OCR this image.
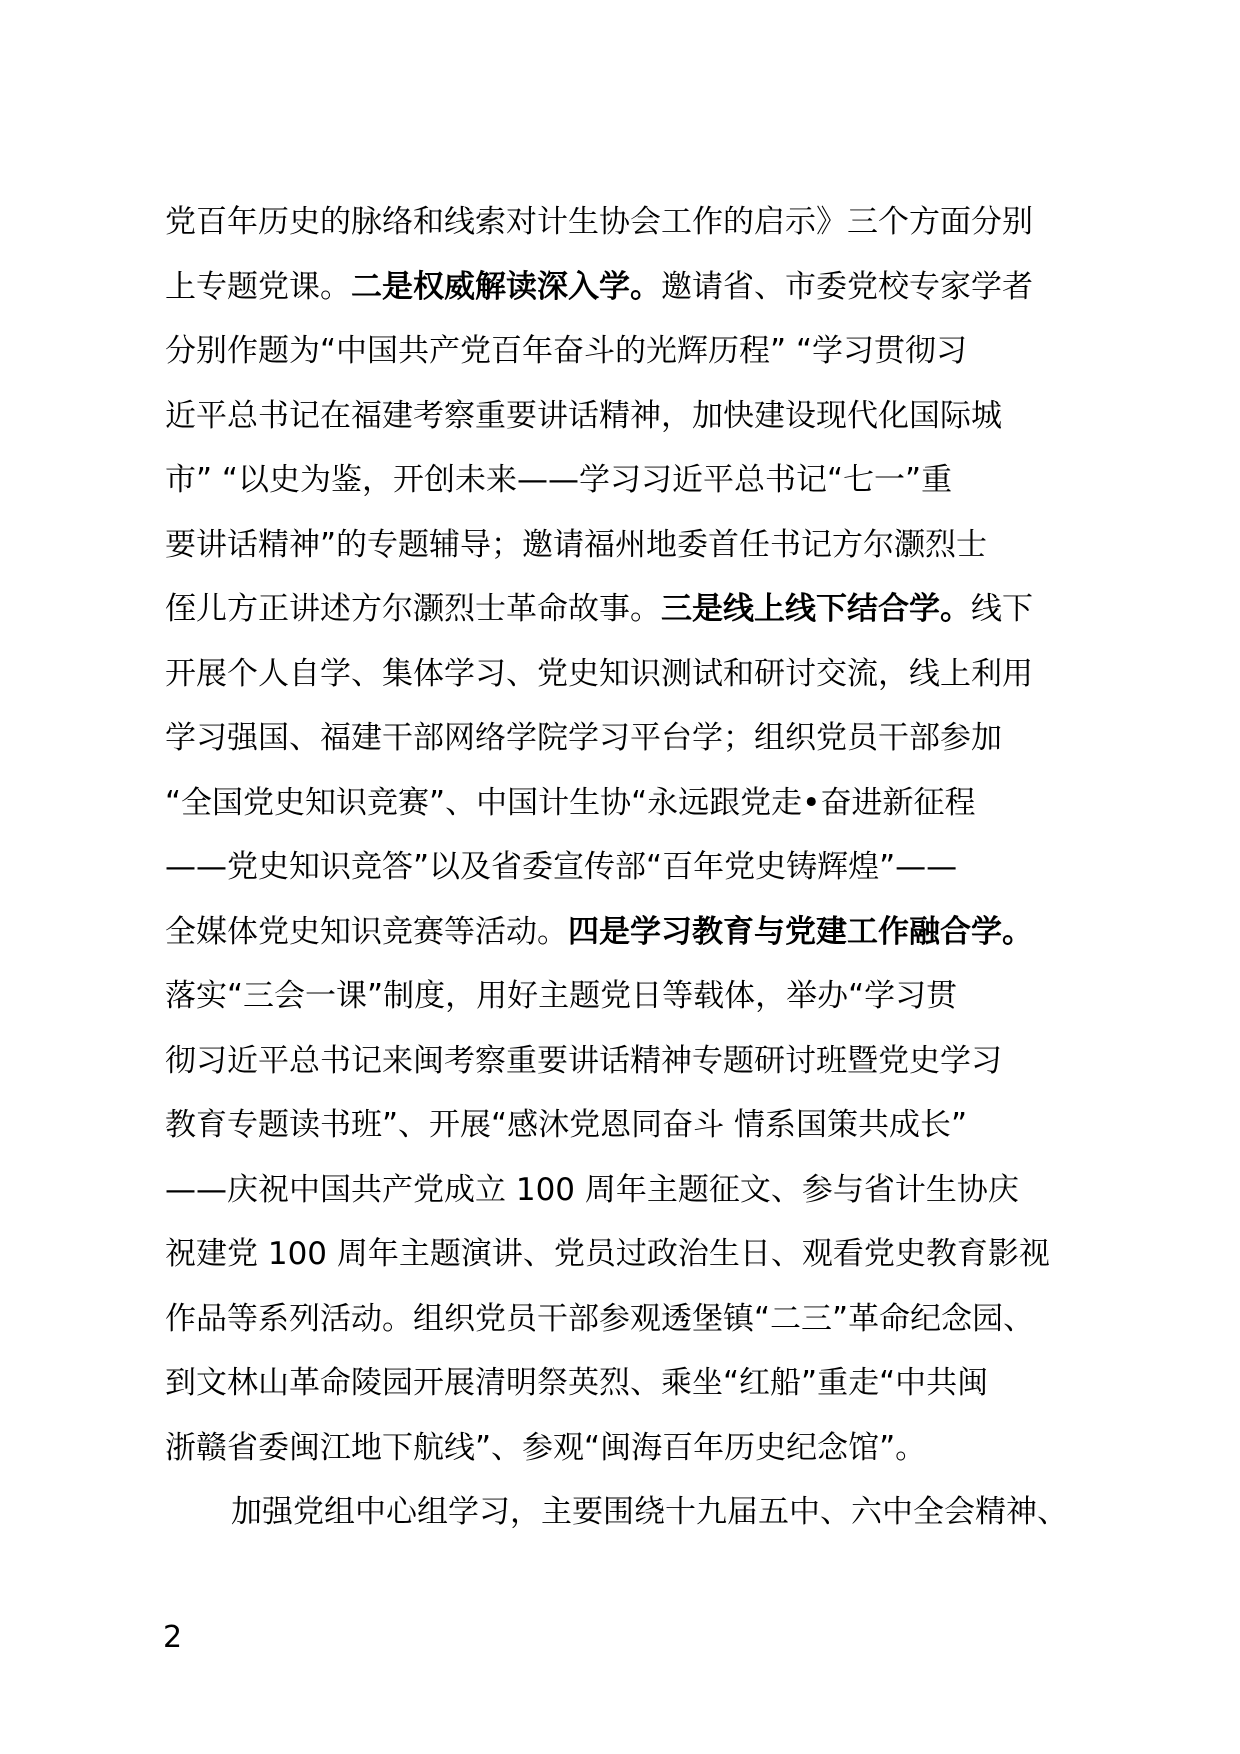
党百年历史的脉络和线索对计生协会工作的启示》三个方面分别
上专题党课。二是权威解读深入学。邀请省、市委党校专家学者
分别作题为“中国共产党百年奋斗的光辉历程” “学习贯彻习
近平总书记在福建考察重要讲话精神，加快建设现代化国际城
市” “以史为鉴，开创未来——学习习近平总书记“七一”重
要讲话精神”的专题辅导；邀请福州地委首任书记方尔灏烈士
侄儿方正讲述方尔灏烈士革命故事。三是线上线下结合学。线下
开展个人自学、集体学习、党史知识测试和研讨交流，线上利用
学习强国、福建干部网络学院学习平台学；组织党员干部参加
“全国党史知识竞赛”、中国计生协“永远跟党走•奋进新征程
——党史知识竞答”以及省委宣传部“百年党史铸辉煌”——
全媒体党史知识竞赛等活动。四是学习教育与党建工作融合学。
落实“三会一课”制度，用好主题党日等载体，举办“学习贯
彻习近平总书记来闽考察重要讲话精神专题研讨班暨党史学习
教育专题读书班”、开展“感沐党恩同奋斗 情系国策共成长”
——庆祝中国共产党成立 100 周年主题征文、参与省计生协庆
祝建党 100 周年主题演讲、党员过政治生日、观看党史教育影视
作品等系列活动。组织党员干部参观透堡镇“二三”革命纪念园、
到文林山革命陵园开展清明祭英烈、乘坐“红船”重走“中共闽
浙赣省委闽江地下航线”、参观“闽海百年历史纪念馆”。
加强党组中心组学习，主要围绕十九届五中、六中全会精神、
2
